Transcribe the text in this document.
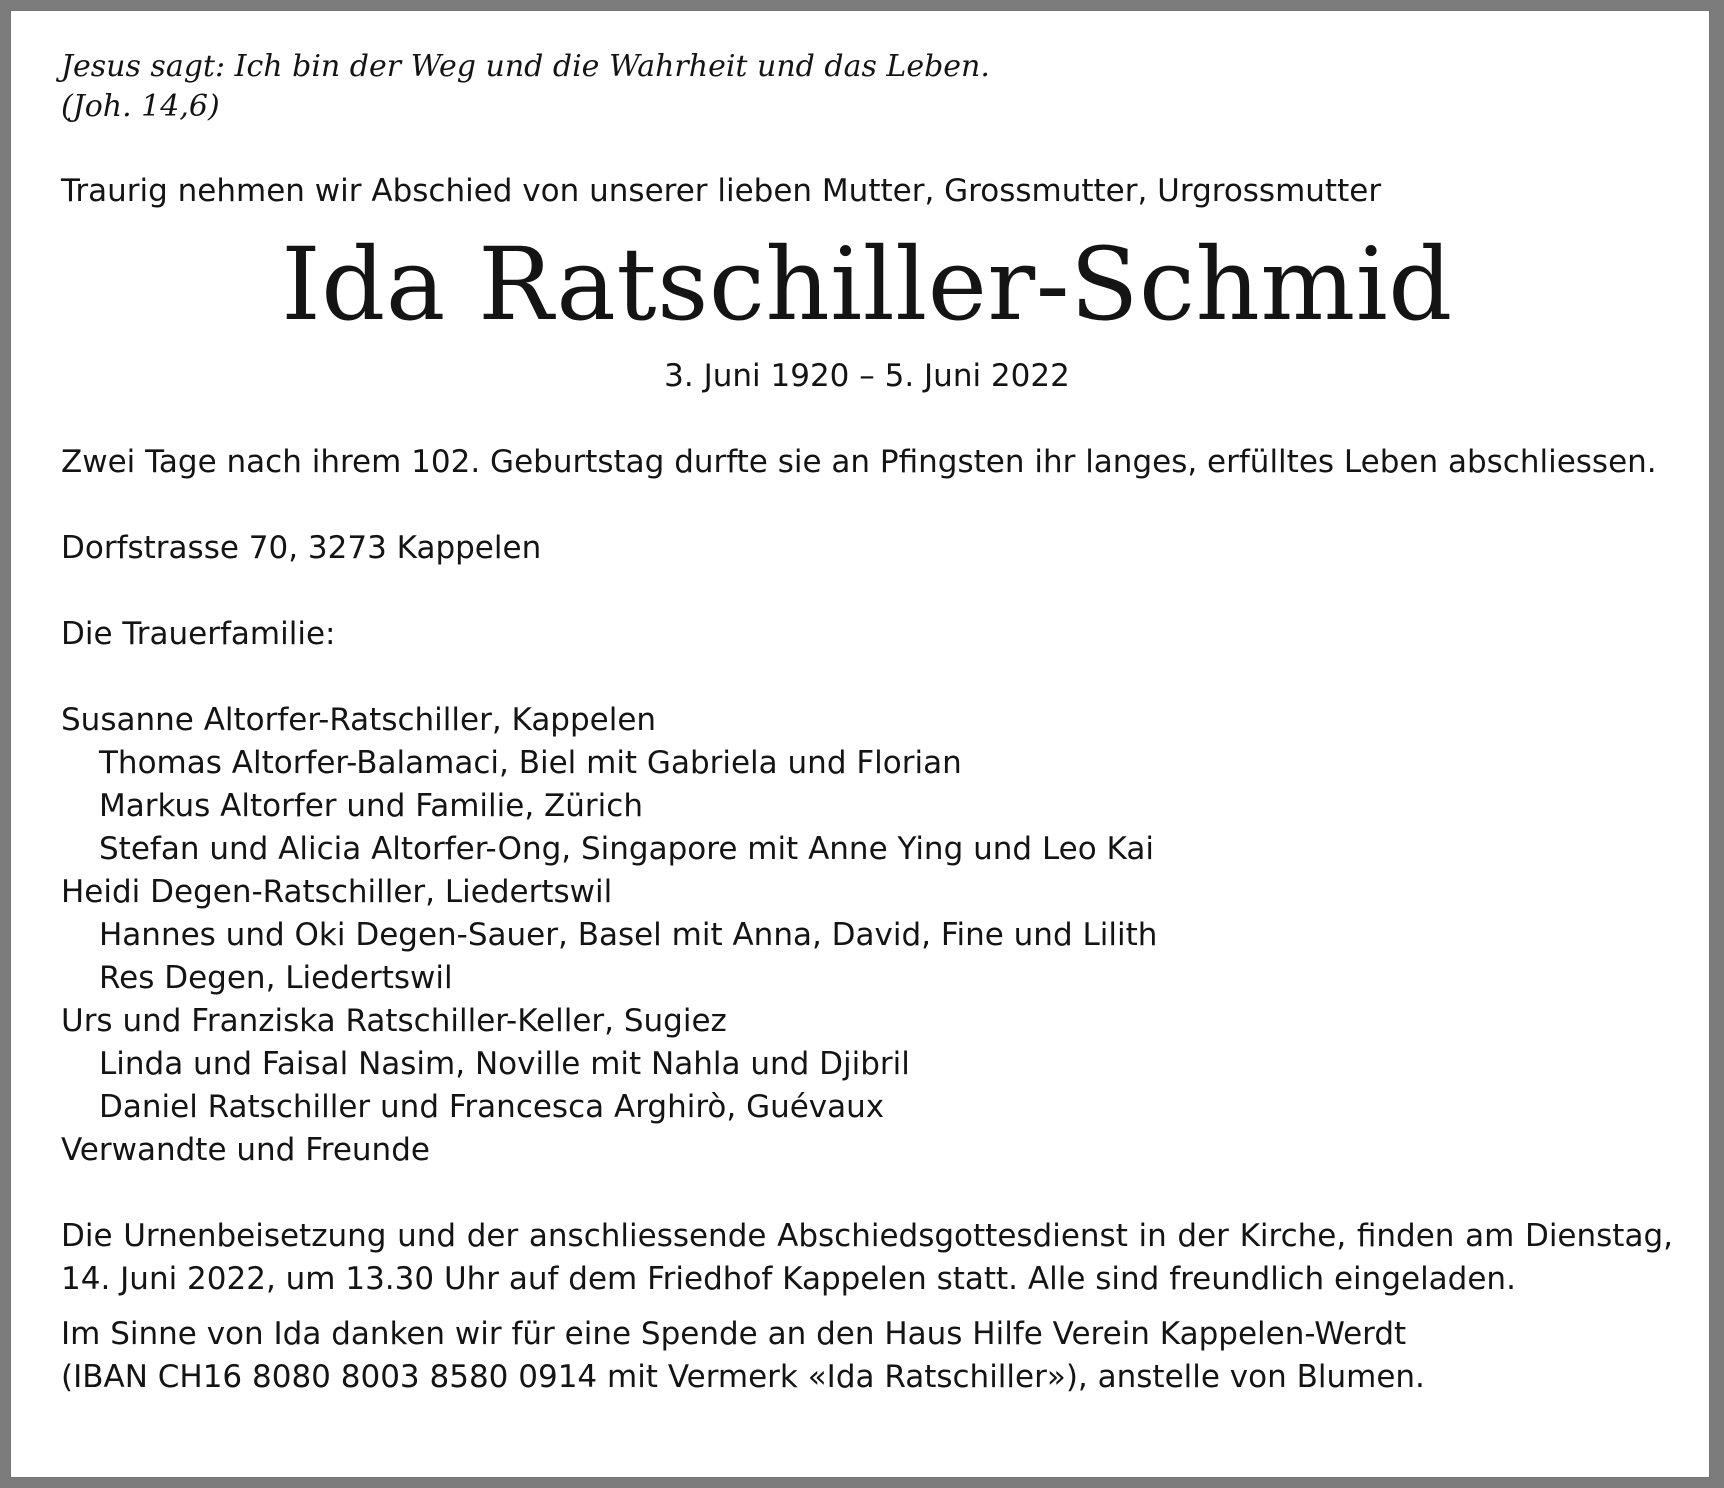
Jesus sagt: Ich bin der Weg und die Wahrheit und das Leben.
(Joh. 14,6)
Traurig nehmen wir Abschied von unserer lieben Mutter, Grossmutter, Urgrossmutter
Ida Ratschiller-Schmid
3. Juni 1920 – 5. Juni 2022
Zwei Tage nach ihrem 102. Geburtstag durfte sie an Pfingsten ihr langes, erfülltes Leben abschliessen.
Dorfstrasse 70, 3273 Kappelen
Die Trauerfamilie:
Susanne Altorfer-Ratschiller, Kappelen
Thomas Altorfer-Balamaci, Biel mit Gabriela und Florian
Markus Altorfer und Familie, Zürich
Stefan und Alicia Altorfer-Ong, Singapore mit Anne Ying und Leo Kai
Heidi Degen-Ratschiller, Liedertswil
Hannes und Oki Degen-Sauer, Basel mit Anna, David, Fine und Lilith
Res Degen, Liedertswil
Urs und Franziska Ratschiller-Keller, Sugiez
Linda und Faisal Nasim, Noville mit Nahla und Djibril
Daniel Ratschiller und Francesca Arghirò, Guévaux
Verwandte und Freunde
Die Urnenbeisetzung und der anschliessende Abschiedsgottesdienst in der Kirche, finden am Dienstag, 14. Juni 2022, um 13.30 Uhr auf dem Friedhof Kappelen statt. Alle sind freundlich eingeladen.
Im Sinne von Ida danken wir für eine Spende an den Haus Hilfe Verein Kappelen-Werdt
(IBAN CH16 8080 8003 8580 0914 mit Vermerk «Ida Ratschiller»), anstelle von Blumen.
